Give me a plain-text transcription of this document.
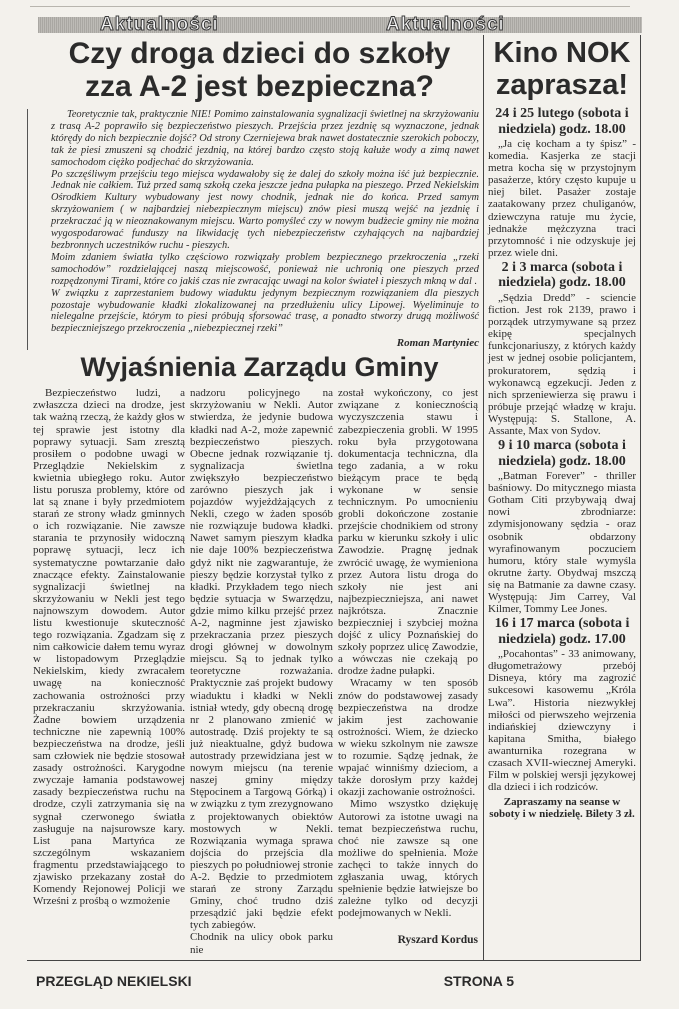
Aktualności	Aktualności
Czy droga dzieci do szkoły
zza A-2 jest bezpieczna?

Teoretycznie tak, praktycznie NIE! Pomimo zainstalowania sygnalizacji świetlnej na skrzyżowaniu z trasą A-2 poprawiło się bezpieczeństwo pieszych. Przejścia przez jezdnię są wyznaczone, jednak którędy do nich bezpiecznie dojść? Od strony Czerniejewa brak nawet dostatecznie szerokich poboczy, tak że piesi zmuszeni są chodzić jezdnią, na której bardzo często stoją kałuże wody a zimą nawet samochodom ciężko podjechać do skrzyżowania.

Po szczęśliwym przejściu tego miejsca wydawałoby się że dalej do szkoły można iść już bezpiecznie. Jednak nie całkiem. Tuż przed samą szkołą czeka jeszcze jedna pułapka na pieszego. Przed Nekielskim Ośrodkiem Kultury wybudowany jest nowy chodnik, jednak nie do końca. Przed samym skrzyżowaniem ( w najbardziej niebezpiecznym miejscu) znów piesi muszą wejść na jezdnię i przekraczać ją w nieoznakowanym miejscu. Warto pomyśleć czy w nowym budżecie gminy nie można wygospodarować funduszy na likwidację tych niebezpieczeństw czyhających na najbardziej bezbronnych uczestników ruchu - pieszych.

Moim zdaniem światła tylko częściowo rozwiązały problem bezpiecznego przekroczenia „rzeki samochodów” rozdzielającej naszą miejscowość, ponieważ nie uchronią one pieszych przed rozpędzonymi Tirami, które co jakiś czas nie zwracając uwagi na kolor świateł i pieszych mkną w dal .

W związku z zaprzestaniem budowy wiaduktu jedynym bezpiecznym rozwiązaniem dla pieszych pozostaje wybudowanie kładki zlokalizowanej na przedłużeniu ulicy Lipowej. Wyeliminuje to nielegalne przejście, którym to piesi próbują sforsować trasę, a ponadto stworzy drugą możliwość bezpieczniejszego przekroczenia „niebezpiecznej rzeki”

Roman Martyniec
Wyjaśnienia Zarządu Gminy

Bezpieczeństwo ludzi, a zwłaszcza dzieci na drodze, jest tak ważną rzeczą, że każdy głos w tej sprawie jest istotny dla poprawy sytuacji. Sam zresztą prosiłem o podobne uwagi w Przeglądzie Nekielskim z kwietnia ubiegłego roku. Autor listu porusza problemy, które od lat są znane i były przedmiotem starań ze strony władz gminnych o ich rozwiązanie. Nie zawsze starania te przynosiły widoczną poprawę sytuacji, lecz ich systematyczne powtarzanie dało znaczące efekty. Zainstalowanie sygnalizacji świetlnej na skrzyżowaniu w Nekli jest tego najnowszym dowodem. Autor listu kwestionuje skuteczność tego rozwiązania. Zgadzam się z nim całkowicie dałem temu wyraz w listopadowym Przeglądzie Nekielskim, kiedy zwracałem uwagę na konieczność zachowania ostrożności przy przekraczaniu skrzyżowania. Żadne bowiem urządzenia techniczne nie zapewnią 100% bezpieczeństwa na drodze, jeśli sam człowiek nie będzie stosował zasady ostrożności. Karygodne zwyczaje łamania podstawowej zasady bezpieczeństwa ruchu na drodze, czyli zatrzymania się na sygnał czerwonego światła zasługuje na najsurowsze kary. List pana Martyńca ze szczególnym wskazaniem fragmentu przedstawiającego to zjawisko przekazany został do Komendy Rejonowej Policji we Wrześni z prośbą o wzmożenie

nadzoru policyjnego na skrzyżowaniu w Nekli. Autor stwierdza, że jedynie budowa kładki nad A-2, może zapewnić bezpieczeństwo pieszych. Obecne jednak rozwiązanie tj. sygnalizacja świetlna zwiększyło bezpieczeństwo zarówno pieszych jak i pojazdów wyjeżdżających z Nekli, czego w żaden sposób nie rozwiązuje budowa kładki. Nawet samym pieszym kładka nie daje 100% bezpieczeństwa gdyż nikt nie zagwarantuje, że pieszy będzie korzystał tylko z kładki. Przykładem tego niech będzie sytuacja w Swarzędzu, gdzie mimo kilku przejść przez A-2, nagminne jest zjawisko przekraczania przez pieszych drogi głównej w dowolnym miejscu. Są to jednak tylko teoretyczne rozważania. Praktycznie zaś projekt budowy wiaduktu i kładki w Nekli istniał wtedy, gdy obecną drogę nr 2 planowano zmienić w autostradę. Dziś projekty te są już nieaktualne, gdyż budowa autostrady przewidziana jest w nowym miejscu (na terenie naszej gminy między Stępocinem a Targową Górką) i w związku z tym zrezygnowano z projektowanych obiektów mostowych w Nekli. Rozwiązania wymaga sprawa dojścia do przejścia dla pieszych po południowej stronie A-2. Będzie to przedmiotem starań ze strony Zarządu Gminy, choć trudno dziś przesądzić jaki będzie efekt tych zabiegów.

Chodnik na ulicy obok parku nie

został wykończony, co jest związane z koniecznością wyczyszczenia stawu i zabezpieczenia grobli. W 1995 roku była przygotowana dokumentacja techniczna, dla tego zadania, a w roku bieżącym prace te będą wykonane w sensie technicznym. Po umocnieniu grobli dokończone zostanie przejście chodnikiem od strony parku w kierunku szkoły i ulic Zawodzie. Pragnę jednak zwrócić uwagę, że wymieniona przez Autora listu droga do szkoły nie jest ani najbezpieczniejsza, ani nawet najkrótsza. Znacznie bezpieczniej i szybciej można dojść z ulicy Poznańskiej do szkoły poprzez ulicę Zawodzie, a wówczas nie czekają po drodze żadne pułapki.

Wracamy w ten sposób znów do podstawowej zasady bezpieczeństwa na drodze jakim jest zachowanie ostrożności. Wiem, że dziecko w wieku szkolnym nie zawsze to rozumie. Sądzę jednak, że wpajać winniśmy dzieciom, a także dorosłym przy każdej okazji zachowanie ostrożności.

Mimo wszystko dziękuję Autorowi za istotne uwagi na temat bezpieczeństwa ruchu, choć nie zawsze są one możliwe do spełnienia. Może zachęci to także innych do zgłaszania uwag, których spełnienie będzie łatwiejsze bo zależne tylko od decyzji podejmowanych w Nekli.

Ryszard Kordus
Kino NOK
zaprasza!
24 i 25 lutego (sobota i niedziela) godz. 18.00

„Ja cię kocham a ty śpisz” - komedia. Kasjerka ze stacji metra kocha się w przystojnym pasażerze, który często kupuje u niej bilet. Pasażer zostaje zaatakowany przez chuliganów, dziewczyna ratuje mu życie, jednakże mężczyzna traci przytomność i nie odzyskuje jej przez wiele dni.

2 i 3 marca (sobota i niedziela) godz. 18.00

„Sędzia Dredd” - sciencie fiction. Jest rok 2139, prawo i porządek utrzymywane są przez ekipę specjalnych funkcjonariuszy, z których każdy jest w jednej osobie policjantem, prokuratorem, sędzią i wykonawcą egzekucji. Jeden z nich sprzeniewierza się prawu i próbuje przejąć władzę w kraju. Występują: S. Stallone, A. Assante, Max von Sydov.

9 i 10 marca (sobota i niedziela) godz. 18.00

„Batman Forever” - thriller baśniowy. Do mitycznego miasta Gotham Citi przybywają dwaj nowi zbrodniarze: zdymisjonowany sędzia - oraz osobnik obdarzony wyrafinowanym poczuciem humoru, który stale wymyśla okrutne żarty. Obydwaj mszczą się na Batmanie za dawne czasy. Występują: Jim Carrey, Val Kilmer, Tommy Lee Jones.

16 i 17 marca (sobota i niedziela) godz. 17.00

„Pocahontas” - 33 animowany, długometrażowy przebój Disneya, który ma zagrozić sukcesowi kasowemu „Króla Lwa”. Historia niezwykłej miłości od pierwszeho wejrzenia indiańskiej dziewczyny i kapitana Smitha, białego awanturnika rozegrana w czasach XVII-wiecznej Ameryki. Film w polskiej wersji językowej dla dzieci i ich rodziców.

Zapraszamy na seanse w soboty i w niedzielę. Bilety 3 zł.

PRZEGLĄD NEKIELSKI	STRONA 5
